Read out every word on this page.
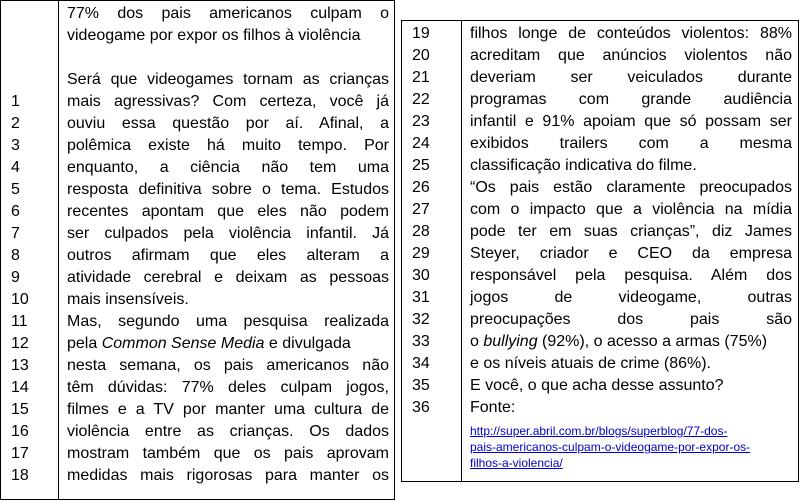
77% dos pais americanos culpam o
videogame por expor os filhos à violência
Será que videogames tornam as crianças
1	mais agressivas? Com certeza, você já
2	ouviu essa questão por aí. Afinal, a
3	polêmica existe há muito tempo. Por
4	enquanto, a ciência não tem uma
5	resposta definitiva sobre o tema. Estudos
6	recentes apontam que eles não podem
7	ser culpados pela violência infantil. Já
8	outros afirmam que eles alteram a
9	atividade cerebral e deixam as pessoas
10 mais insensíveis.
11 Mas, segundo uma pesquisa realizada
12 pela Common Sense Media e divulgada
13 nesta semana, os pais americanos não
14 têm dúvidas: 77% deles culpam jogos,
15 filmes e a TV por manter uma cultura de
16 violência entre as crianças. Os dados
17 mostram também que os pais aprovam
18 medidas mais rigorosas para manter os
19	filhos longe de conteúdos violentos: 88%
20	acreditam que anúncios violentos não
21	deveriam ser veiculados durante
22	programas com grande audiência
23	infantil e 91% apoiam que só possam ser
24	exibidos trailers com a mesma
25	classificação indicativa do filme.
26	“Os pais estão claramente preocupados
27	com o impacto que a violência na mídia
28	pode ter em suas crianças”, diz James
29	Steyer, criador e CEO da empresa
30	responsável pela pesquisa. Além dos
31	jogos de videogame, outras
32	preocupações dos pais são
33	o bullying (92%), o acesso a armas (75%)
34	e os níveis atuais de crime (86%).
35	E você, o que acha desse assunto?
36	Fonte:
http://super.abril.com.br/blogs/superblog/77-dos-
pais-americanos-culpam-o-videogame-por-expor-os-
filhos-a-violencia/
